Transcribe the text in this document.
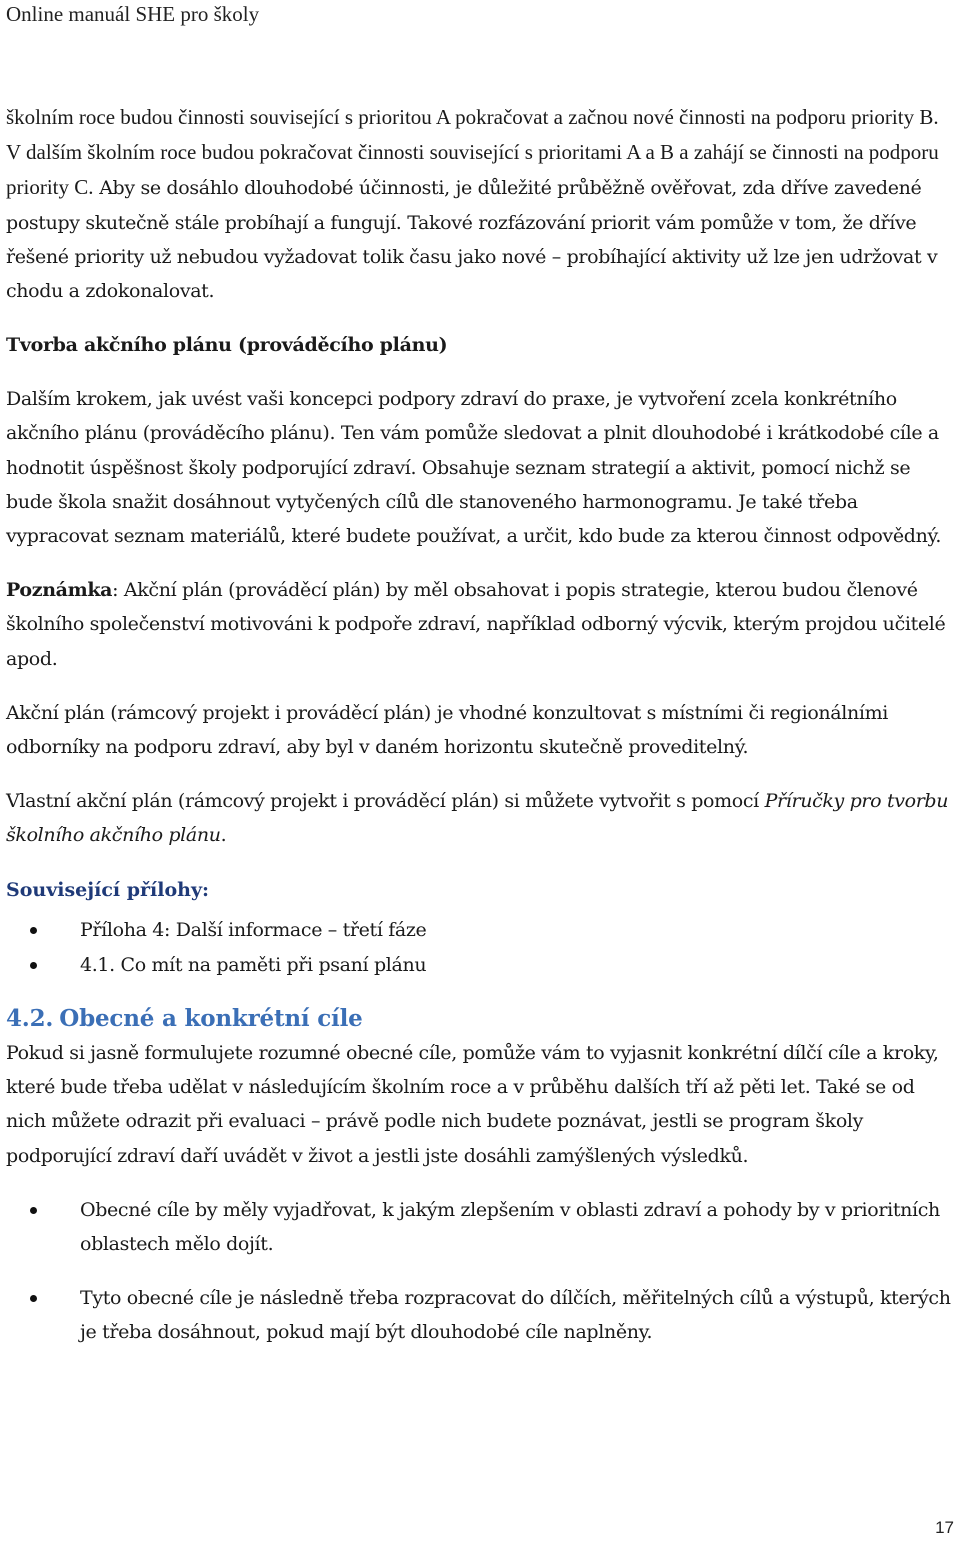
Online manuál SHE pro školy

školním roce budou činnosti související s prioritou A pokračovat a začnou nové činnosti na podporu priority B. V dalším školním roce budou pokračovat činnosti související s prioritami A a B a zahájí se činnosti na podporu priority C. Aby se dosáhlo dlouhodobé účinnosti, je důležité průběžně ověřovat, zda dříve zavedené postupy skutečně stále probíhají a fungují. Takové rozfázování priorit vám pomůže v tom, že dříve řešené priority už nebudou vyžadovat tolik času jako nové – probíhající aktivity už lze jen udržovat v chodu a zdokonalovat.

Tvorba akčního plánu (prováděcího plánu)

Dalším krokem, jak uvést vaši koncepci podpory zdraví do praxe, je vytvoření zcela konkrétního akčního plánu (prováděcího plánu). Ten vám pomůže sledovat a plnit dlouhodobé i krátkodobé cíle a hodnotit úspěšnost školy podporující zdraví. Obsahuje seznam strategií a aktivit, pomocí nichž se bude škola snažit dosáhnout vytyčených cílů dle stanoveného harmonogramu. Je také třeba vypracovat seznam materiálů, které budete používat, a určit, kdo bude za kterou činnost odpovědný.

Poznámka: Akční plán (prováděcí plán) by měl obsahovat i popis strategie, kterou budou členové školního společenství motivováni k podpoře zdraví, například odborný výcvik, kterým projdou učitelé apod.

Akční plán (rámcový projekt i prováděcí plán) je vhodné konzultovat s místními či regionálními odborníky na podporu zdraví, aby byl v daném horizontu skutečně proveditelný.

Vlastní akční plán (rámcový projekt i prováděcí plán) si můžete vytvořit s pomocí Příručky pro tvorbu školního akčního plánu.

Související přílohy:
Příloha 4: Další informace – třetí fáze
4.1. Co mít na paměti při psaní plánu
4.2. Obecné a konkrétní cíle

Pokud si jasně formulujete rozumné obecné cíle, pomůže vám to vyjasnit konkrétní dílčí cíle a kroky, které bude třeba udělat v následujícím školním roce a v průběhu dalších tří až pěti let. Také se od nich můžete odrazit při evaluaci – právě podle nich budete poznávat, jestli se program školy podporující zdraví daří uvádět v život a jestli jste dosáhli zamýšlených výsledků.

Obecné cíle by měly vyjadřovat, k jakým zlepšením v oblasti zdraví a pohody by v prioritních oblastech mělo dojít.
Tyto obecné cíle je následně třeba rozpracovat do dílčích, měřitelných cílů a výstupů, kterých je třeba dosáhnout, pokud mají být dlouhodobé cíle naplněny.
17
